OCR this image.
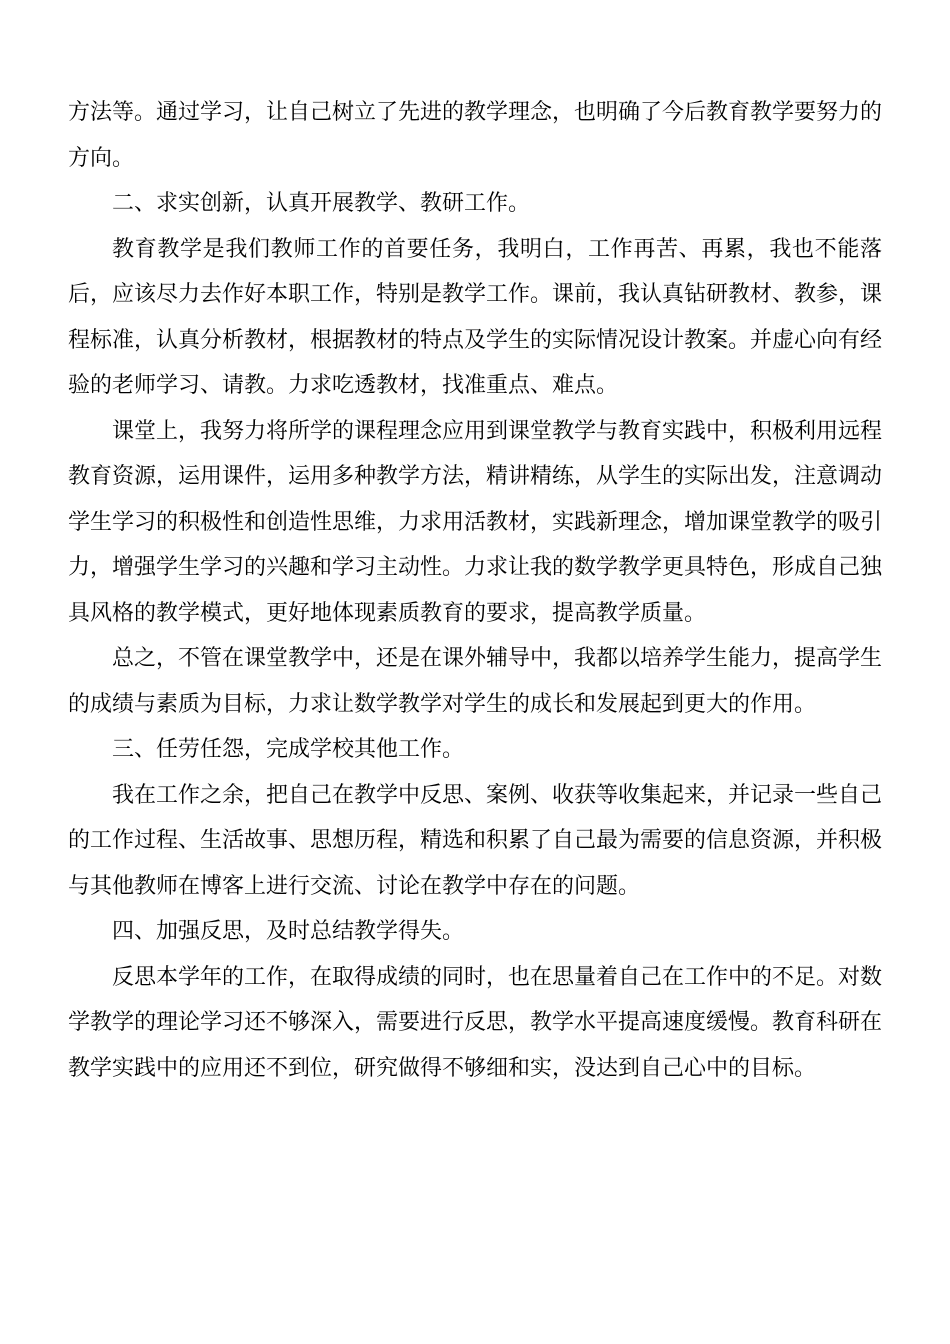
方法等。通过学习，让自己树立了先进的教学理念，也明确了今后教育教学要努力的方向。

二、求实创新，认真开展教学、教研工作。

教育教学是我们教师工作的首要任务，我明白，工作再苦、再累，我也不能落后，应该尽力去作好本职工作，特别是教学工作。课前，我认真钻研教材、教参，课程标准，认真分析教材，根据教材的特点及学生的实际情况设计教案。并虚心向有经验的老师学习、请教。力求吃透教材，找准重点、难点。

课堂上，我努力将所学的课程理念应用到课堂教学与教育实践中，积极利用远程教育资源，运用课件，运用多种教学方法，精讲精练，从学生的实际出发，注意调动学生学习的积极性和创造性思维，力求用活教材，实践新理念，增加课堂教学的吸引力，增强学生学习的兴趣和学习主动性。力求让我的数学教学更具特色，形成自己独具风格的教学模式，更好地体现素质教育的要求，提高教学质量。

总之，不管在课堂教学中，还是在课外辅导中，我都以培养学生能力，提高学生的成绩与素质为目标，力求让数学教学对学生的成长和发展起到更大的作用。

三、任劳任怨，完成学校其他工作。

我在工作之余，把自己在教学中反思、案例、收获等收集起来，并记录一些自己的工作过程、生活故事、思想历程，精选和积累了自己最为需要的信息资源，并积极与其他教师在博客上进行交流、讨论在教学中存在的问题。

四、加强反思，及时总结教学得失。

反思本学年的工作，在取得成绩的同时，也在思量着自己在工作中的不足。对数学教学的理论学习还不够深入，需要进行反思，教学水平提高速度缓慢。教育科研在教学实践中的应用还不到位，研究做得不够细和实，没达到自己心中的目标。
